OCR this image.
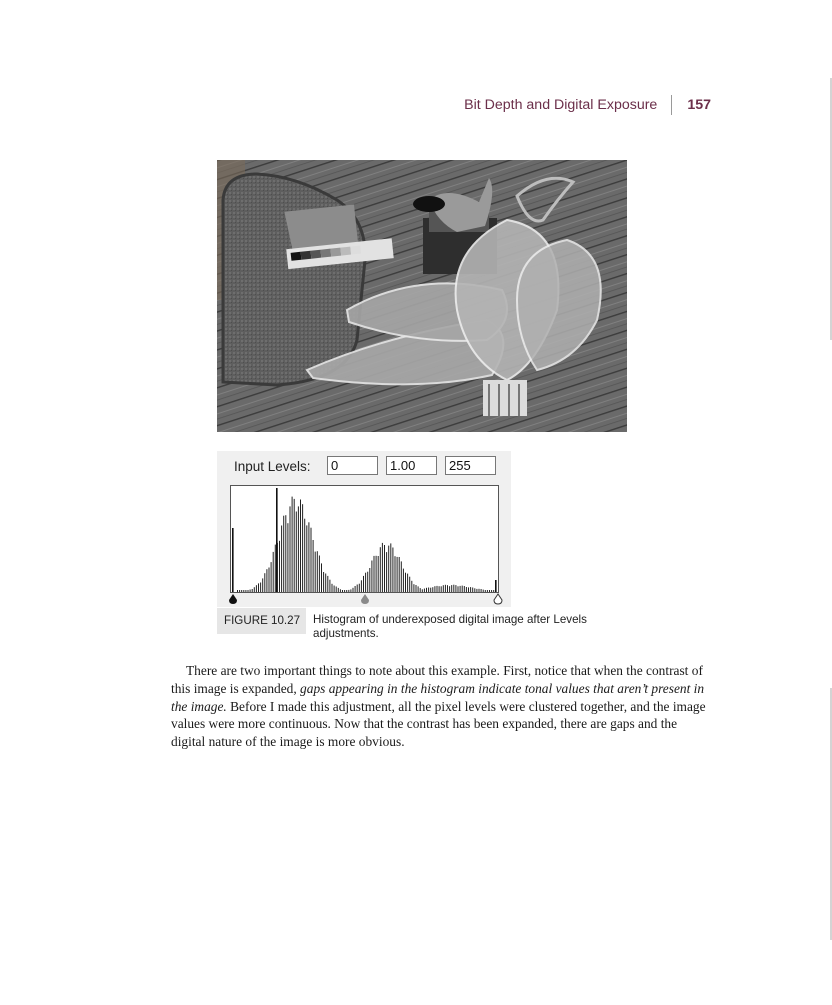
Bit Depth and Digital Exposure	157
Input Levels:	0	1.00	255
FIGURE 10.27	Histogram of underexposed digital image after Levels adjustments.

There are two important things to note about this example. First, notice that when the contrast of this image is expanded, gaps appearing in the histogram indicate tonal values that aren’t present in the image. Before I made this adjustment, all the pixel levels were clustered together, and the image values were more continuous. Now that the contrast has been expanded, there are gaps and the digital nature of the image is more obvious.
